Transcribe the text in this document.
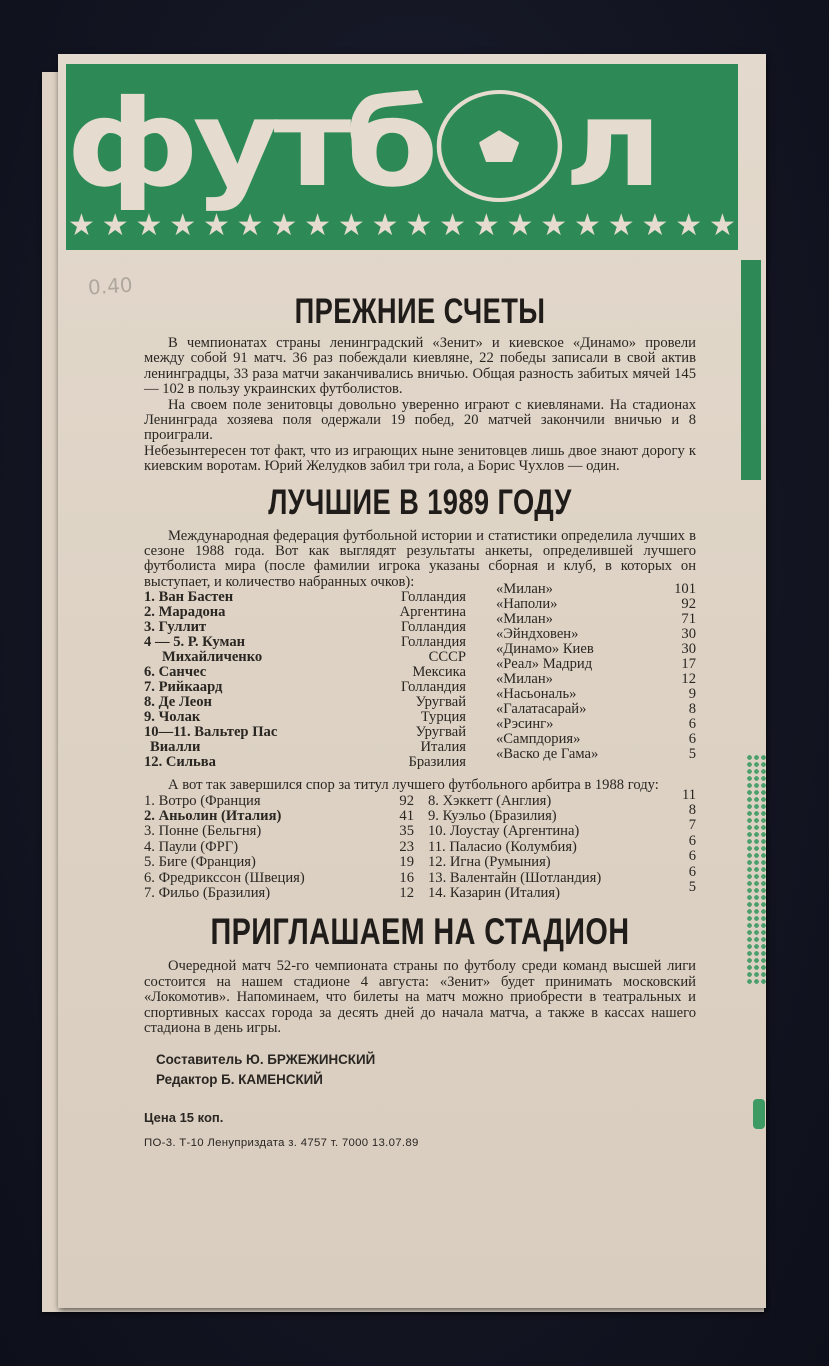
футб л
★ ★ ★ ★ ★ ★ ★ ★ ★ ★ ★ ★ ★ ★ ★ ★ ★ ★ ★ ★
0.40
ПРЕЖНИЕ СЧЕТЫ

В чемпионатах страны ленинградский «Зенит» и киевское «Динамо» провели между собой 91 матч. 36 раз побеждали киевляне, 22 победы записали в свой актив ленинградцы, 33 раза матчи заканчивались вничью. Общая разность забитых мячей 145 — 102 в пользу украинских футболистов.

На своем поле зенитовцы довольно уверенно играют с киевлянами. На стадионах Ленинграда хозяева поля одержали 19 побед, 20 матчей закончили вничью и 8 проиграли.

Небезынтересен тот факт, что из играющих ныне зенитовцев лишь двое знают дорогу к киевским воротам. Юрий Желудков забил три гола, а Борис Чухлов — один.

ЛУЧШИЕ В 1989 ГОДУ

Международная федерация футбольной истории и статистики определила лучших в сезоне 1988 года. Вот как выглядят результаты анкеты, определившей лучшего футболиста мира (после фамилии игрока указаны сборная и клуб, в которых он выступает, и количество набранных очков):

1. Ван Бастен	Голландия	«Милан»	101
2. Марадона	Аргентина	«Наполи»	92
3. Гуллит	Голландия	«Милан»	71
4 — 5. Р. Куман	Голландия	«Эйндховен»	30
Михайличенко	СССР	«Динамо» Киев	30
6. Санчес	Мексика	«Реал» Мадрид	17
7. Рийкаард	Голландия	«Милан»	12
8. Де Леон	Уругвай	«Насьональ»	9
9. Чолак	Турция	«Галатасарай»	8
10—11. Вальтер Пас	Уругвай	«Рэсинг»	6
Виалли	Италия	«Сампдория»	6
12. Сильва	Бразилия	«Васко де Гама»	5

А вот так завершился спор за титул лучшего футбольного арбитра в 1988 году:

1. Вотро (Франция	92
2. Аньолин (Италия)	41
3. Понне (Бельгня)	35
4. Паули (ФРГ)	23
5. Биге (Франция)	19
6. Фредрикссон (Швеция)	16
7. Фильо (Бразилия)	12
8. Хэккетт (Англия)	11
9. Куэльо (Бразилия)	8
10. Лоустау (Аргентина)	7
11. Паласио (Колумбия)	6
12. Игна (Румыния)	6
13. Валентайн (Шотландия)	6
14. Казарин (Италия)	5
ПРИГЛАШАЕМ НА СТАДИОН

Очередной матч 52-го чемпионата страны по футболу среди команд высшей лиги состоится на нашем стадионе 4 августа: «Зенит» будет принимать московский «Локомотив». Напоминаем, что билеты на матч можно приобрести в театральных и спортивных кассах города за десять дней до начала матча, а также в кассах нашего стадиона в день игры.

Составитель Ю. БРЖЕЖИНСКИЙ
Редактор Б. КАМЕНСКИЙ
Цена 15 коп.
ПО-3. Т-10 Ленуприздата з. 4757 т. 7000 13.07.89
